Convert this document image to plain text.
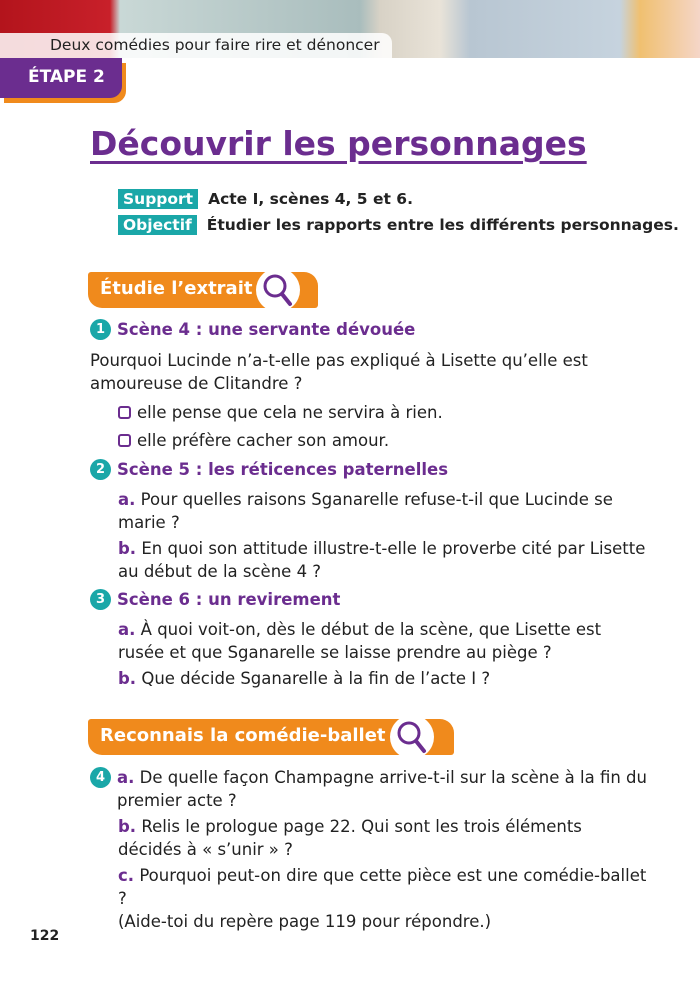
Deux comédies pour faire rire et dénoncer
ÉTAPE 2
Découvrir les personnages
Support Acte I, scènes 4, 5 et 6.
Objectif Étudier les rapports entre les différents personnages.
Étudie l’extrait
1 Scène 4 : une servante dévouée
Pourquoi Lucinde n’a-t-elle pas expliqué à Lisette qu’elle est amoureuse de Clitandre ?
elle pense que cela ne servira à rien.
elle préfère cacher son amour.
2 Scène 5 : les réticences paternelles
a. Pour quelles raisons Sganarelle refuse-t-il que Lucinde se marie ?
b. En quoi son attitude illustre-t-elle le proverbe cité par Lisette au début de la scène 4 ?
3 Scène 6 : un revirement
a. À quoi voit-on, dès le début de la scène, que Lisette est rusée et que Sganarelle se laisse prendre au piège ?
b. Que décide Sganarelle à la fin de l’acte I ?
Reconnais la comédie-ballet
4 a. De quelle façon Champagne arrive-t-il sur la scène à la fin du premier acte ?
b. Relis le prologue page 22. Qui sont les trois éléments décidés à « s’unir » ?
c. Pourquoi peut-on dire que cette pièce est une comédie-ballet ?
(Aide-toi du repère page 119 pour répondre.)
122
